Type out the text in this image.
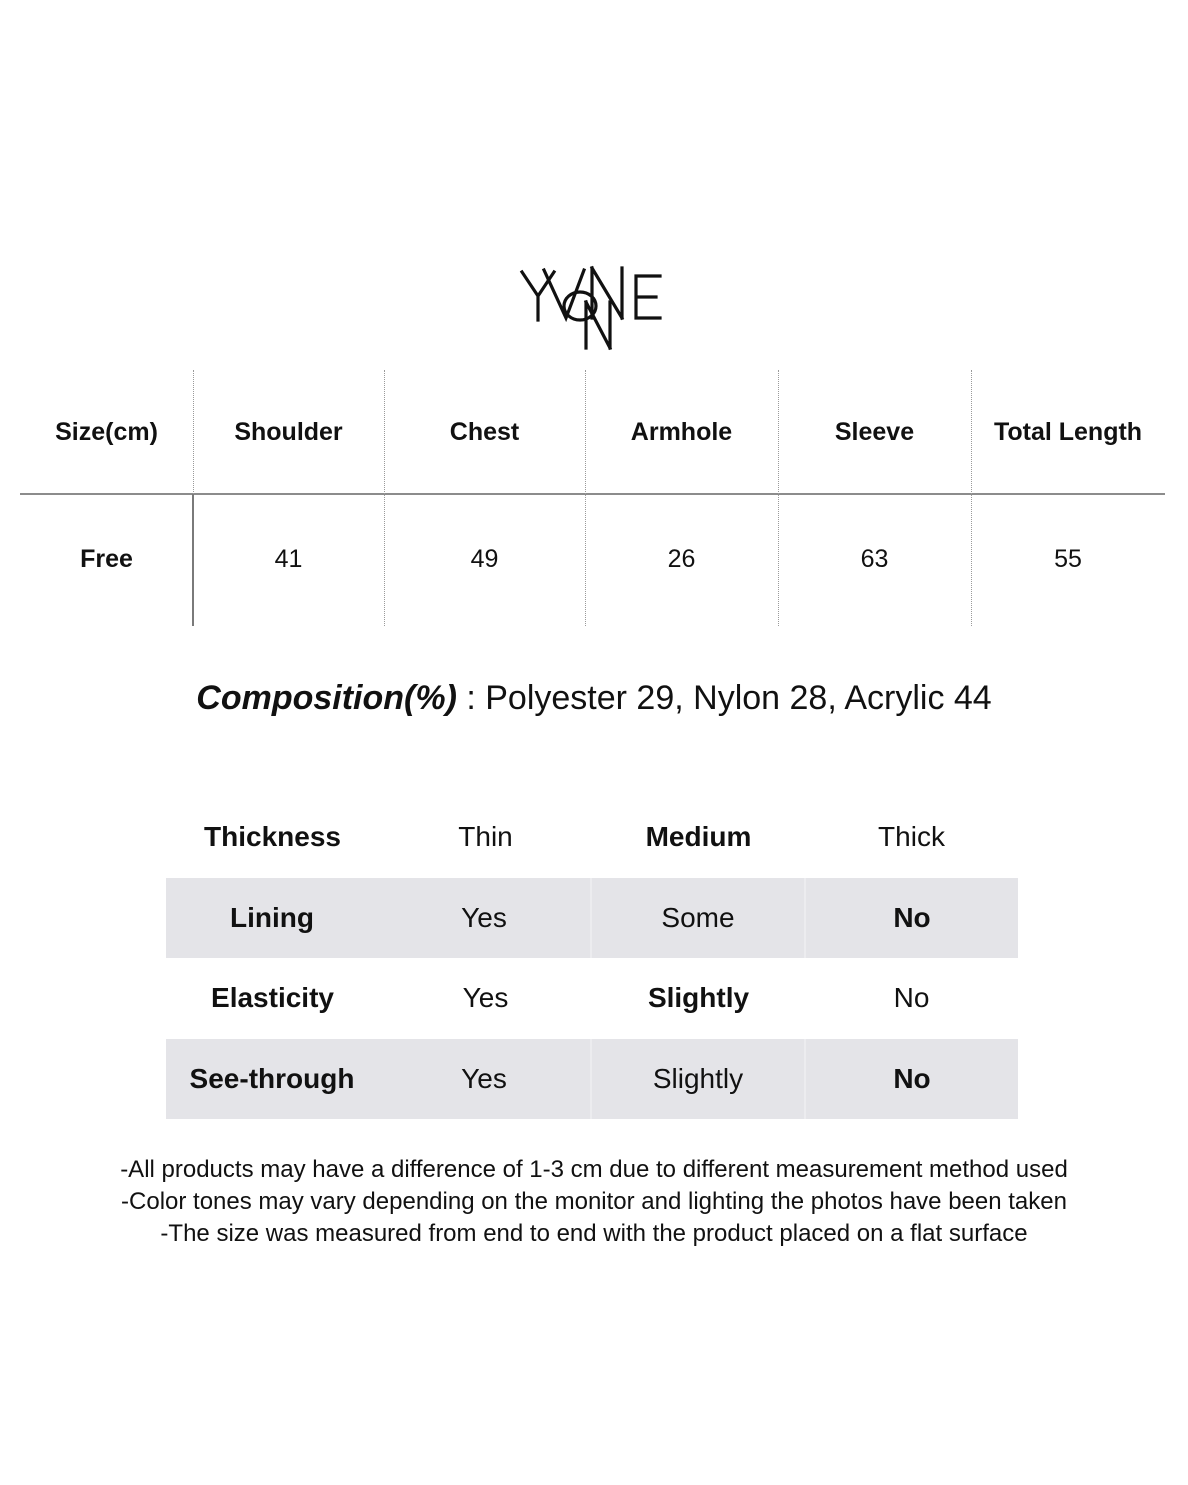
Size(cm)	Shoulder	Chest	Armhole	Sleeve	Total Length
Free	41	49	26	63	55
Composition(%) : Polyester 29, Nylon 28, Acrylic 44
Thickness	Thin	Medium	Thick
Lining	Yes	Some	No
Elasticity	Yes	Slightly	No
See-through	Yes	Slightly	No
-All products may have a difference of 1-3 cm due to different measurement method used
-Color tones may vary depending on the monitor and lighting the photos have been taken
-The size was measured from end to end with the product placed on a flat surface
